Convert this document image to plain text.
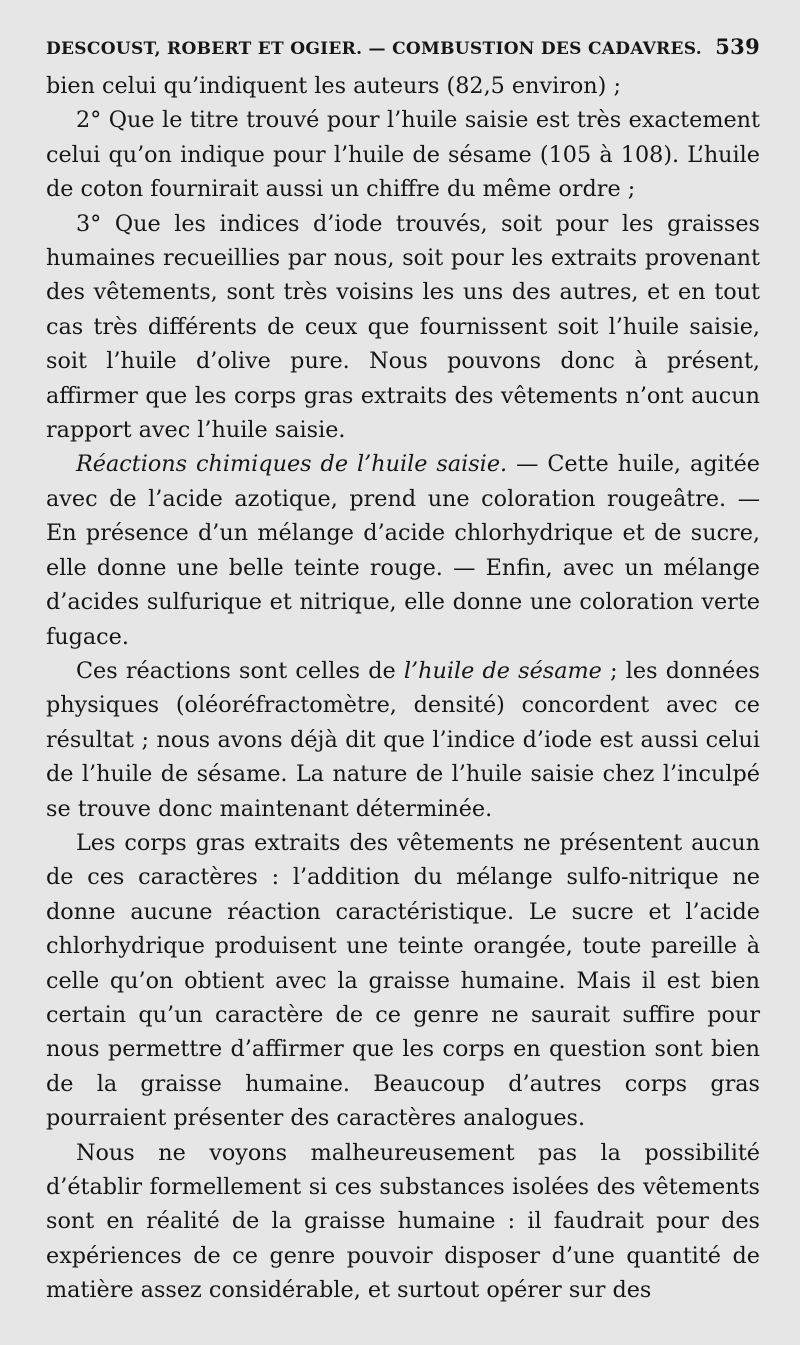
DESCOUST, ROBERT ET OGIER. — COMBUSTION DES CADAVRES. 539

bien celui qu’indiquent les auteurs (82,5 environ) ;

2° Que le titre trouvé pour l’huile saisie est très exactement celui qu’on indique pour l’huile de sésame (105 à 108). L’huile de coton fournirait aussi un chiffre du même ordre ;

3° Que les indices d’iode trouvés, soit pour les graisses humaines recueillies par nous, soit pour les extraits provenant des vêtements, sont très voisins les uns des autres, et en tout cas très différents de ceux que fournissent soit l’huile saisie, soit l’huile d’olive pure. Nous pouvons donc à présent, affirmer que les corps gras extraits des vêtements n’ont aucun rapport avec l’huile saisie.

Réactions chimiques de l’huile saisie. — Cette huile, agitée avec de l’acide azotique, prend une coloration rougeâtre. — En présence d’un mélange d’acide chlorhydrique et de sucre, elle donne une belle teinte rouge. — Enfin, avec un mélange d’acides sulfurique et nitrique, elle donne une coloration verte fugace.

Ces réactions sont celles de l’huile de sésame ; les données physiques (oléoréfractomètre, densité) concordent avec ce résultat ; nous avons déjà dit que l’indice d’iode est aussi celui de l’huile de sésame. La nature de l’huile saisie chez l’inculpé se trouve donc maintenant déterminée.

Les corps gras extraits des vêtements ne présentent aucun de ces caractères : l’addition du mélange sulfo-nitrique ne donne aucune réaction caractéristique. Le sucre et l’acide chlorhydrique produisent une teinte orangée, toute pareille à celle qu’on obtient avec la graisse humaine. Mais il est bien certain qu’un caractère de ce genre ne saurait suffire pour nous permettre d’affirmer que les corps en question sont bien de la graisse humaine. Beaucoup d’autres corps gras pourraient présenter des caractères analogues.

Nous ne voyons malheureusement pas la possibilité d’établir formellement si ces substances isolées des vêtements sont en réalité de la graisse humaine : il faudrait pour des expériences de ce genre pouvoir disposer d’une quantité de matière assez considérable, et surtout opérer sur des
